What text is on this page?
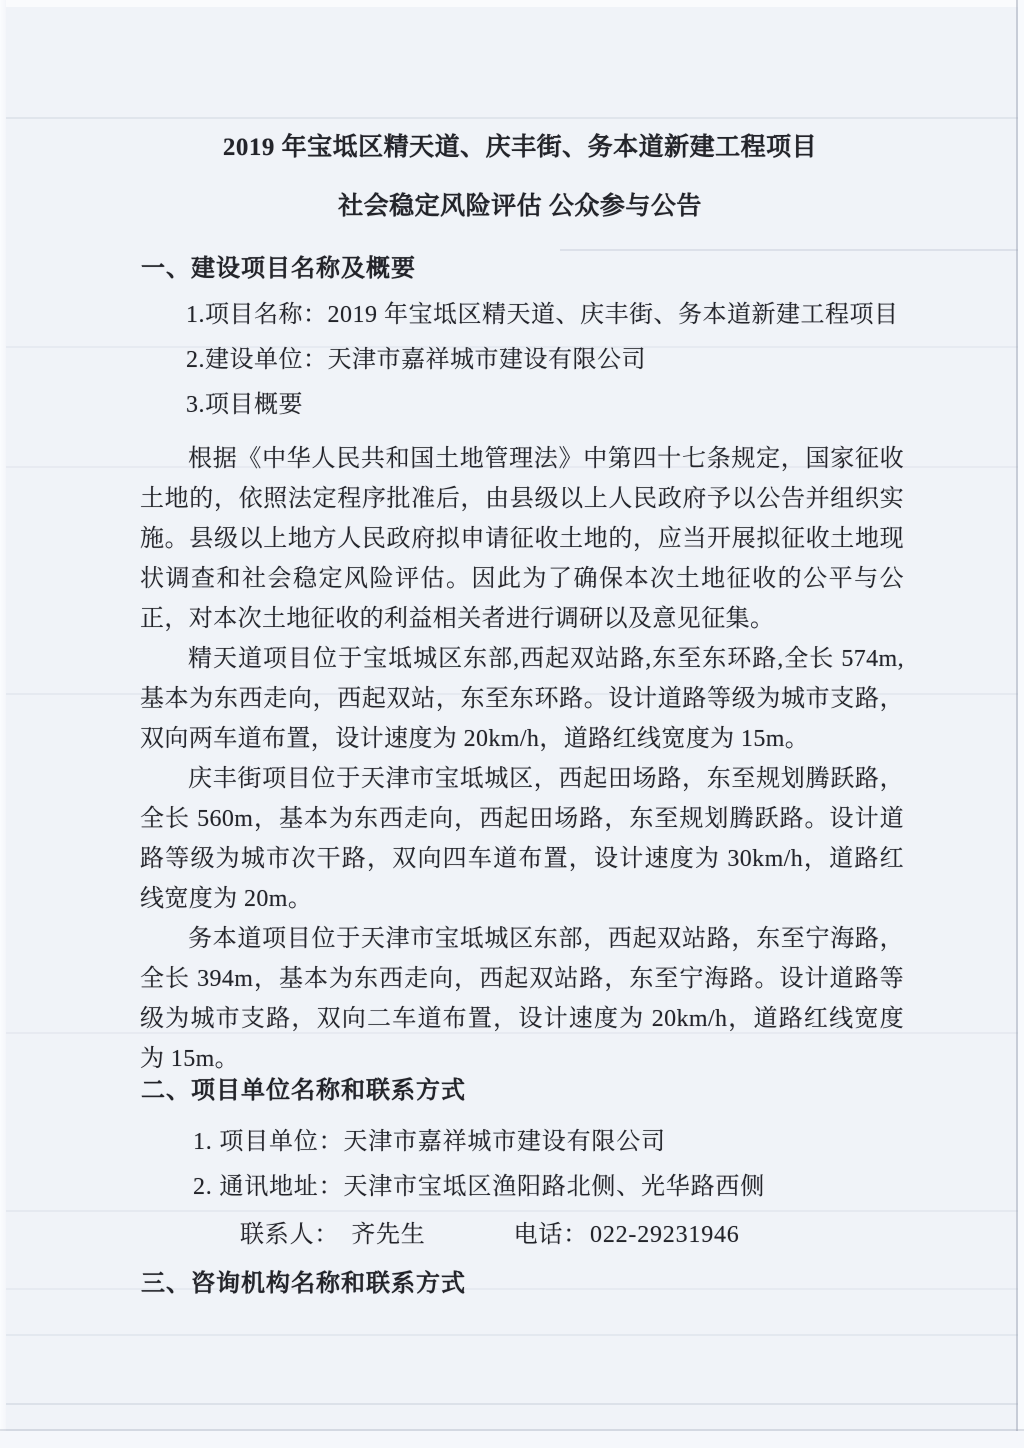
2019 年宝坻区精天道、庆丰街、务本道新建工程项目
社会稳定风险评估 公众参与公告
一、建设项目名称及概要
1.项目名称：2019 年宝坻区精天道、庆丰街、务本道新建工程项目
2.建设单位：天津市嘉祥城市建设有限公司
3.项目概要
根据《中华人民共和国土地管理法》中第四十七条规定，国家征收土地的，依照法定程序批准后，由县级以上人民政府予以公告并组织实施。县级以上地方人民政府拟申请征收土地的，应当开展拟征收土地现状调查和社会稳定风险评估。因此为了确保本次土地征收的公平与公正，对本次土地征收的利益相关者进行调研以及意见征集。
精天道项目位于宝坻城区东部,西起双站路,东至东环路,全长 574m,基本为东西走向，西起双站，东至东环路。设计道路等级为城市支路，双向两车道布置，设计速度为 20km/h，道路红线宽度为 15m。
庆丰街项目位于天津市宝坻城区，西起田场路，东至规划腾跃路，全长 560m，基本为东西走向，西起田场路，东至规划腾跃路。设计道路等级为城市次干路，双向四车道布置，设计速度为 30km/h，道路红线宽度为 20m。
务本道项目位于天津市宝坻城区东部，西起双站路，东至宁海路，全长 394m，基本为东西走向，西起双站路，东至宁海路。设计道路等级为城市支路，双向二车道布置，设计速度为 20km/h，道路红线宽度为 15m。
二、项目单位名称和联系方式
1. 项目单位：天津市嘉祥城市建设有限公司
2. 通讯地址：天津市宝坻区渔阳路北侧、光华路西侧
联系人： 齐先生	电话：022-29231946
三、咨询机构名称和联系方式
